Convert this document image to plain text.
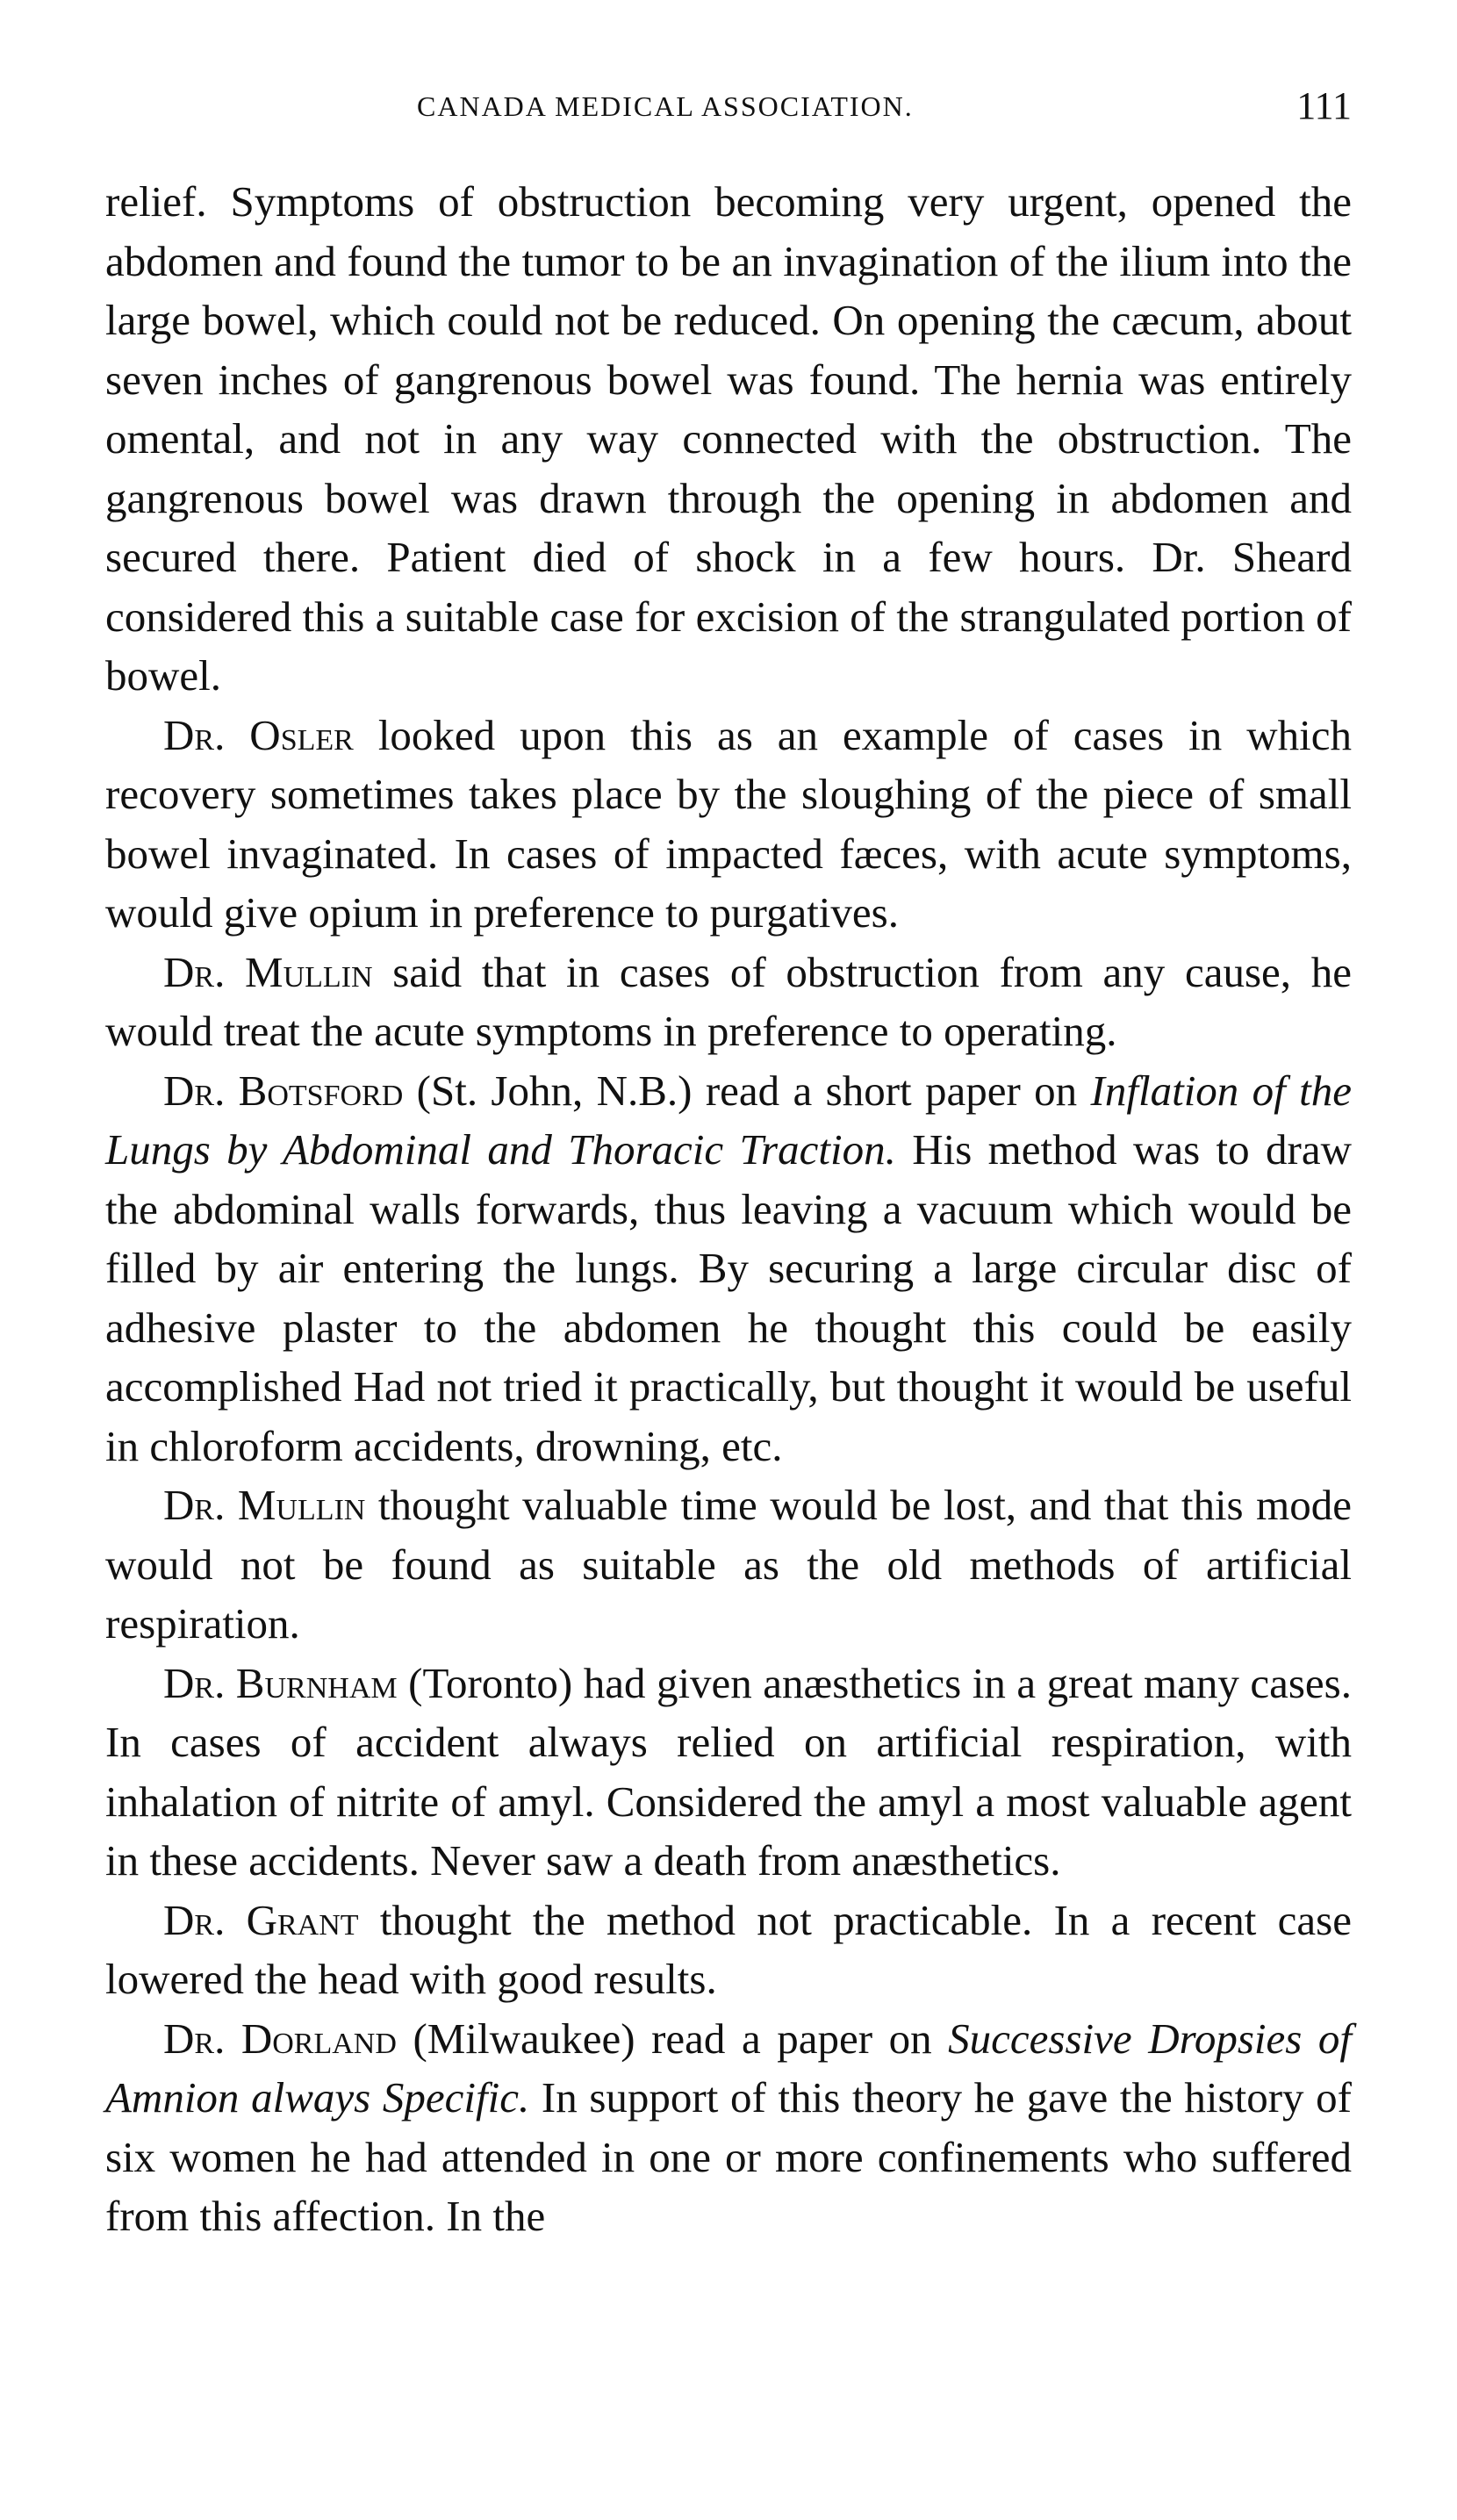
CANADA MEDICAL ASSOCIATION.	111

relief. Symptoms of obstruction becoming very urgent, opened the abdomen and found the tumor to be an invagination of the ilium into the large bowel, which could not be reduced. On opening the cæcum, about seven inches of gangrenous bowel was found. The hernia was entirely omental, and not in any way connected with the obstruction. The gangrenous bowel was drawn through the opening in abdomen and secured there. Patient died of shock in a few hours. Dr. Sheard considered this a suitable case for excision of the strangulated portion of bowel.

Dr. Osler looked upon this as an example of cases in which recovery sometimes takes place by the sloughing of the piece of small bowel invaginated. In cases of impacted fæces, with acute symptoms, would give opium in preference to purgatives.

Dr. Mullin said that in cases of obstruction from any cause, he would treat the acute symptoms in preference to operating.

Dr. Botsford (St. John, N.B.) read a short paper on Inflation of the Lungs by Abdominal and Thoracic Traction. His method was to draw the abdominal walls forwards, thus leaving a vacuum which would be filled by air entering the lungs. By securing a large circular disc of adhesive plaster to the abdomen he thought this could be easily accomplished Had not tried it practically, but thought it would be useful in chloroform accidents, drowning, etc.

Dr. Mullin thought valuable time would be lost, and that this mode would not be found as suitable as the old methods of artificial respiration.

Dr. Burnham (Toronto) had given anæsthetics in a great many cases. In cases of accident always relied on artificial respiration, with inhalation of nitrite of amyl. Considered the amyl a most valuable agent in these accidents. Never saw a death from anæsthetics.

Dr. Grant thought the method not practicable. In a recent case lowered the head with good results.

Dr. Dorland (Milwaukee) read a paper on Successive Dropsies of Amnion always Specific. In support of this theory he gave the history of six women he had attended in one or more confinements who suffered from this affection. In the
